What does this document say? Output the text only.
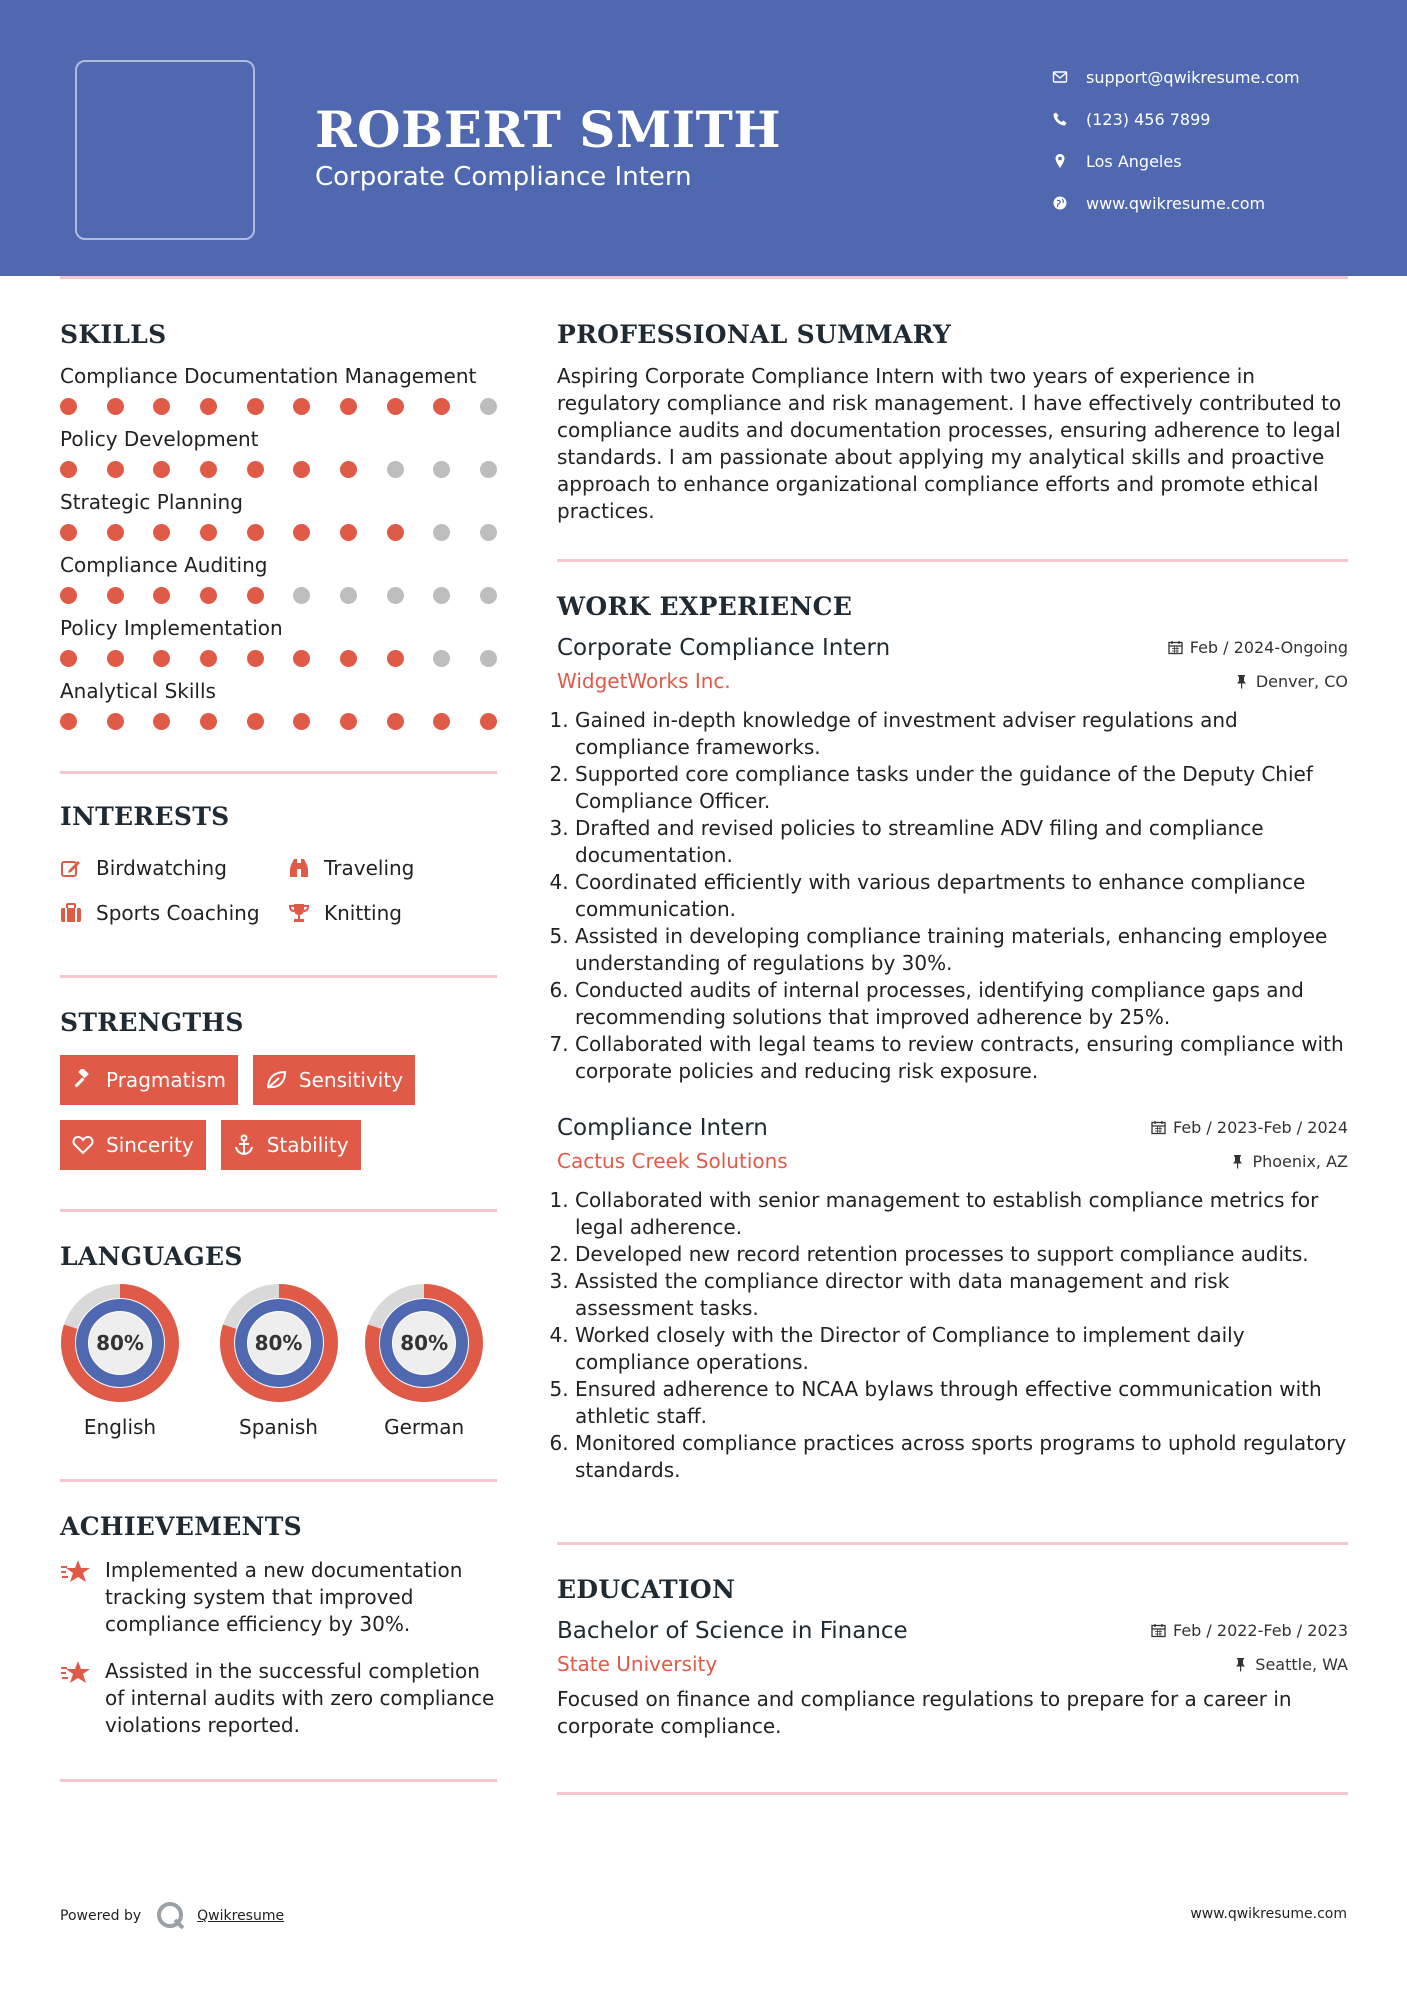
ROBERT SMITH
Corporate Compliance Intern
support@qwikresume.com
(123) 456 7899
Los Angeles
www.qwikresume.com
SKILLS
Compliance Documentation Management
Policy Development
Strategic Planning
Compliance Auditing
Policy Implementation
Analytical Skills
INTERESTS
Birdwatching	Traveling
Sports Coaching	Knitting
STRENGTHS
Pragmatism	Sensitivity
Sincerity	Stability
LANGUAGES
80%
English
80%
Spanish
80%
German
ACHIEVEMENTS
Implemented a new documentation tracking system that improved compliance efficiency by 30%.
Assisted in the successful completion of internal audits with zero compliance violations reported.
PROFESSIONAL SUMMARY
Aspiring Corporate Compliance Intern with two years of experience in regulatory compliance and risk management. I have effectively contributed to compliance audits and documentation processes, ensuring adherence to legal standards. I am passionate about applying my analytical skills and proactive approach to enhance organizational compliance efforts and promote ethical practices.
WORK EXPERIENCE
Corporate Compliance Intern	Feb / 2024-Ongoing
WidgetWorks Inc.	Denver, CO
1. Gained in-depth knowledge of investment adviser regulations and compliance frameworks.
2. Supported core compliance tasks under the guidance of the Deputy Chief Compliance Officer.
3. Drafted and revised policies to streamline ADV filing and compliance documentation.
4. Coordinated efficiently with various departments to enhance compliance communication.
5. Assisted in developing compliance training materials, enhancing employee understanding of regulations by 30%.
6. Conducted audits of internal processes, identifying compliance gaps and recommending solutions that improved adherence by 25%.
7. Collaborated with legal teams to review contracts, ensuring compliance with corporate policies and reducing risk exposure.
Compliance Intern	Feb / 2023-Feb / 2024
Cactus Creek Solutions	Phoenix, AZ
1. Collaborated with senior management to establish compliance metrics for legal adherence.
2. Developed new record retention processes to support compliance audits.
3. Assisted the compliance director with data management and risk assessment tasks.
4. Worked closely with the Director of Compliance to implement daily compliance operations.
5. Ensured adherence to NCAA bylaws through effective communication with athletic staff.
6. Monitored compliance practices across sports programs to uphold regulatory standards.
EDUCATION
Bachelor of Science in Finance	Feb / 2022-Feb / 2023
State University	Seattle, WA
Focused on finance and compliance regulations to prepare for a career in corporate compliance.
Powered by	Qwikresume	www.qwikresume.com
